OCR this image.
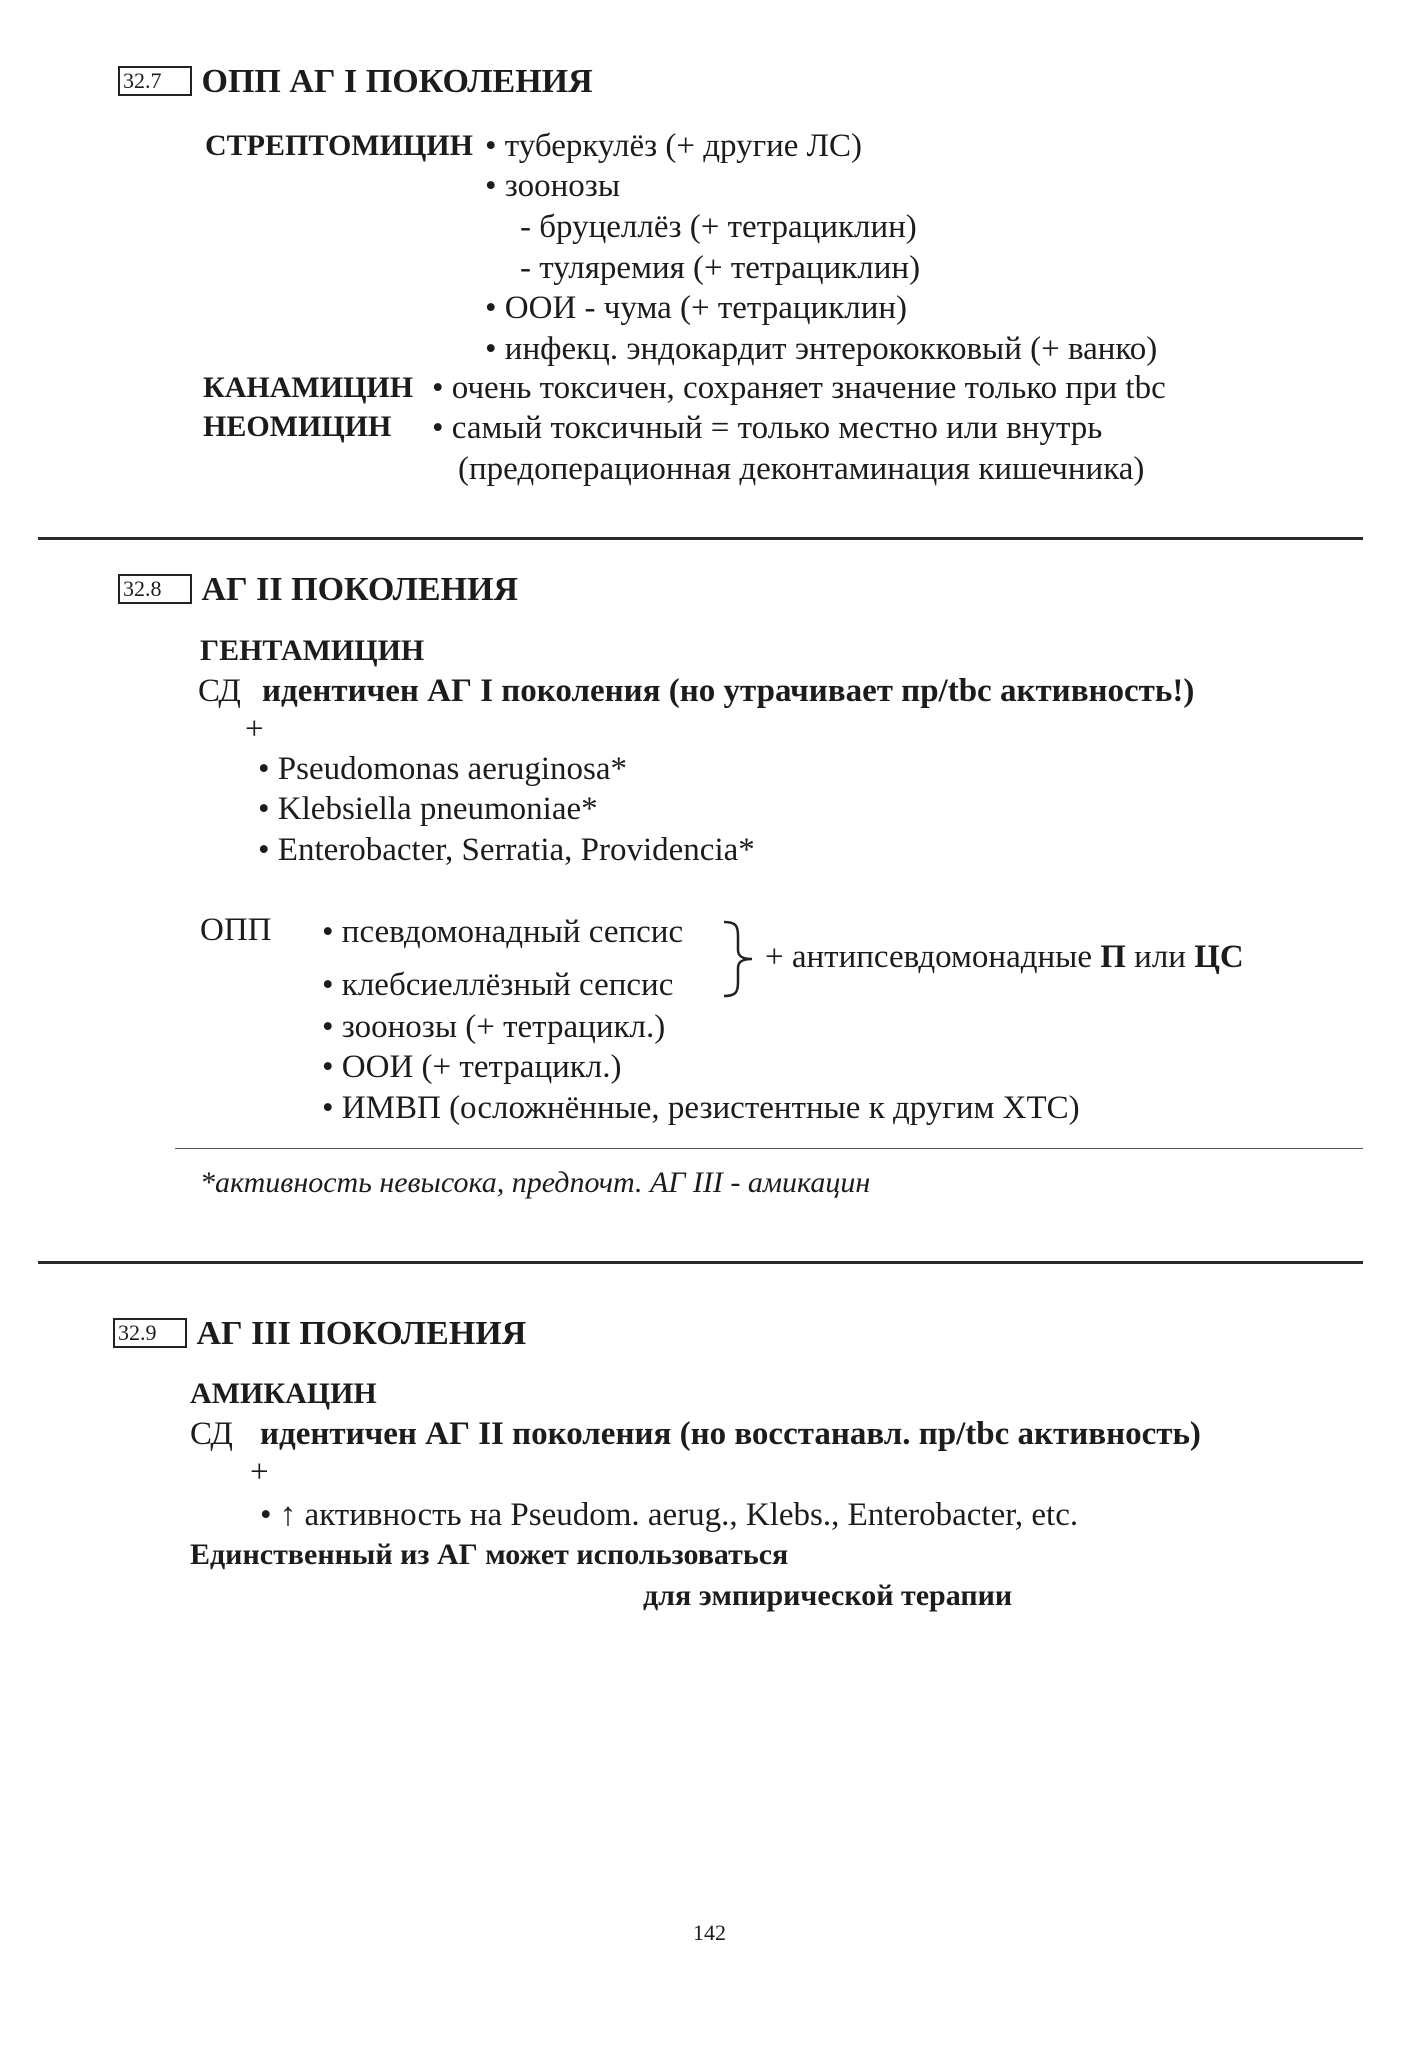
32.7 ОПП АГ I ПОКОЛЕНИЯ
СТРЕПТОМИЦИН • туберкулёз (+ другие ЛС)
• зоонозы
- бруцеллёз (+ тетрациклин)
- туляремия (+ тетрациклин)
• ООИ - чума (+ тетрациклин)
• инфекц. эндокардит энтерококковый (+ ванко)
КАНАМИЦИН • очень токсичен, сохраняет значение только при tbc
НЕОМИЦИН • самый токсичный = только местно или внутрь
(предоперационная деконтаминация кишечника)
32.8 АГ II ПОКОЛЕНИЯ
ГЕНТАМИЦИН
СД идентичен АГ I поколения (но утрачивает пр/tbc активность!)
+
• Pseudomonas aeruginosa*
• Klebsiella pneumoniae*
• Enterobacter, Serratia, Providencia*
ОПП • псевдомонадный сепсис
• клебсиеллёзный сепсис
• зоонозы (+ тетрацикл.)
• ООИ (+ тетрацикл.)
• ИМВП (осложнённые, резистентные к другим ХТС)
+ антипсевдомонадные П или ЦС
*активность невысока, предпочт. АГ III - амикацин
32.9 АГ III ПОКОЛЕНИЯ
АМИКАЦИН
СД идентичен АГ II поколения (но восстанавл. пр/tbc активность)
+
• ↑ активность на Pseudom. aerug., Klebs., Enterobacter, etc.
Единственный из АГ может использоваться
для эмпирической терапии
142
